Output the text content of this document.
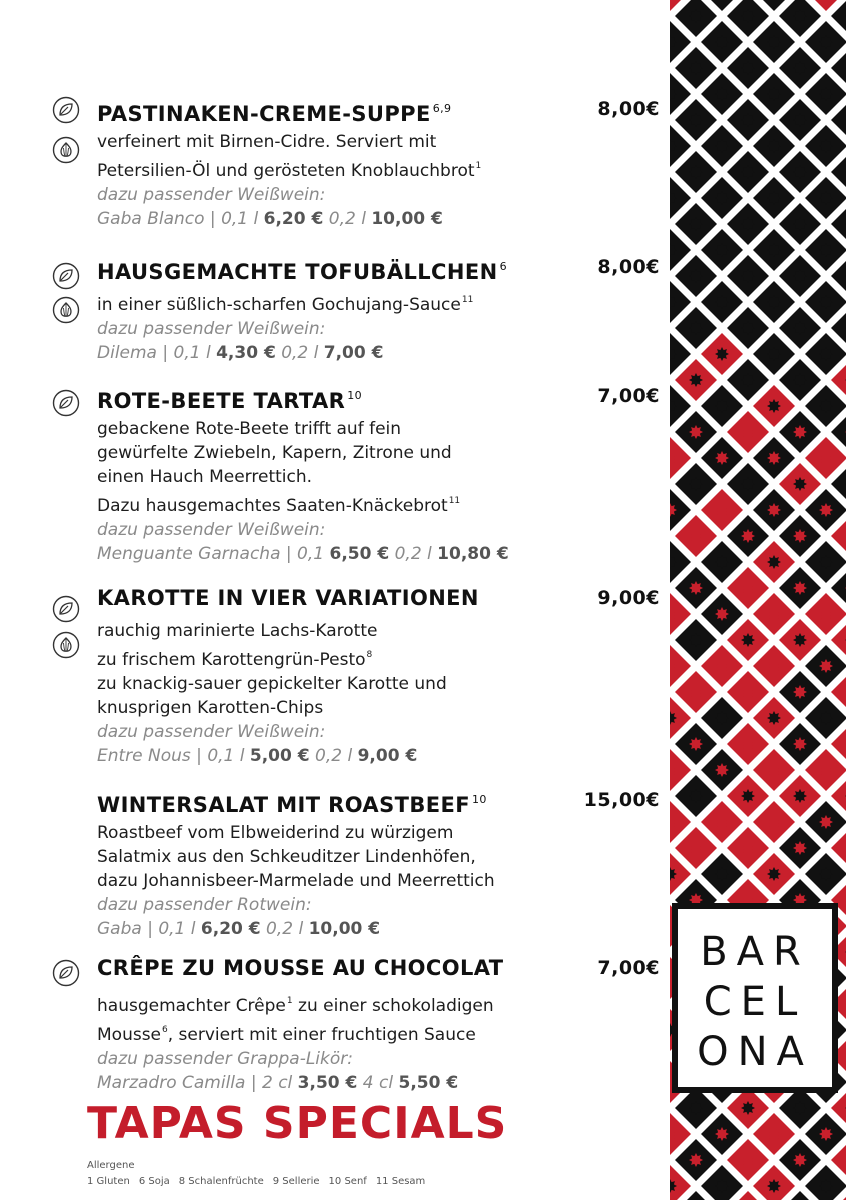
PASTINAKEN-CREME-SUPPE $^{6,9}$	8,00€
verfeinert mit Birnen-Cidre. Serviert mit
Petersilien-Öl und gerösteten Knoblauchbrot$^1$
dazu passender Weißwein:
Gaba Blanco | 0,1 l 6,20 € 0,2 l 10,00 €
HAUSGEMACHTE TOFUBÄLLCHEN $^6$	8,00€
in einer süßlich-scharfen Gochujang-Sauce$^{11}$
dazu passender Weißwein:
Dilema | 0,1 l 4,30 € 0,2 l 7,00 €
ROTE-BEETE TARTAR $^{10}$	7,00€
gebackene Rote-Beete trifft auf fein
gewürfelte Zwiebeln, Kapern, Zitrone und
einen Hauch Meerrettich.
Dazu hausgemachtes Saaten-Knäckebrot$^{11}$
dazu passender Weißwein:
Menguante Garnacha | 0,1 6,50 € 0,2 l 10,80 €
KAROTTE IN VIER VARIATIONEN	9,00€
rauchig marinierte Lachs-Karotte
zu frischem Karottengrün-Pesto$^8$
zu knackig-sauer gepickelter Karotte und
knusprigen Karotten-Chips
dazu passender Weißwein:
Entre Nous | 0,1 l 5,00 € 0,2 l 9,00 €
WINTERSALAT MIT ROASTBEEF $^{10}$	15,00€
Roastbeef vom Elbweiderind zu würzigem
Salatmix aus den Schkeuditzer Lindenhöfen,
dazu Johannisbeer-Marmelade und Meerrettich
dazu passender Rotwein:
Gaba | 0,1 l 6,20 € 0,2 l 10,00 €
CRÊPE ZU MOUSSE AU CHOCOLAT	7,00€
hausgemachter Crêpe$^1$ zu einer schokoladigen
Mousse$^6$, serviert mit einer fruchtigen Sauce
dazu passender Grappa-Likör:
Marzadro Camilla | 2 cl 3,50 € 4 cl 5,50 €
TAPAS SPECIALS
Allergene
1 Gluten 6 Soja 8 Schalenfrüchte 9 Sellerie 10 Senf 11 Sesam
BAR
CEL
ONA
